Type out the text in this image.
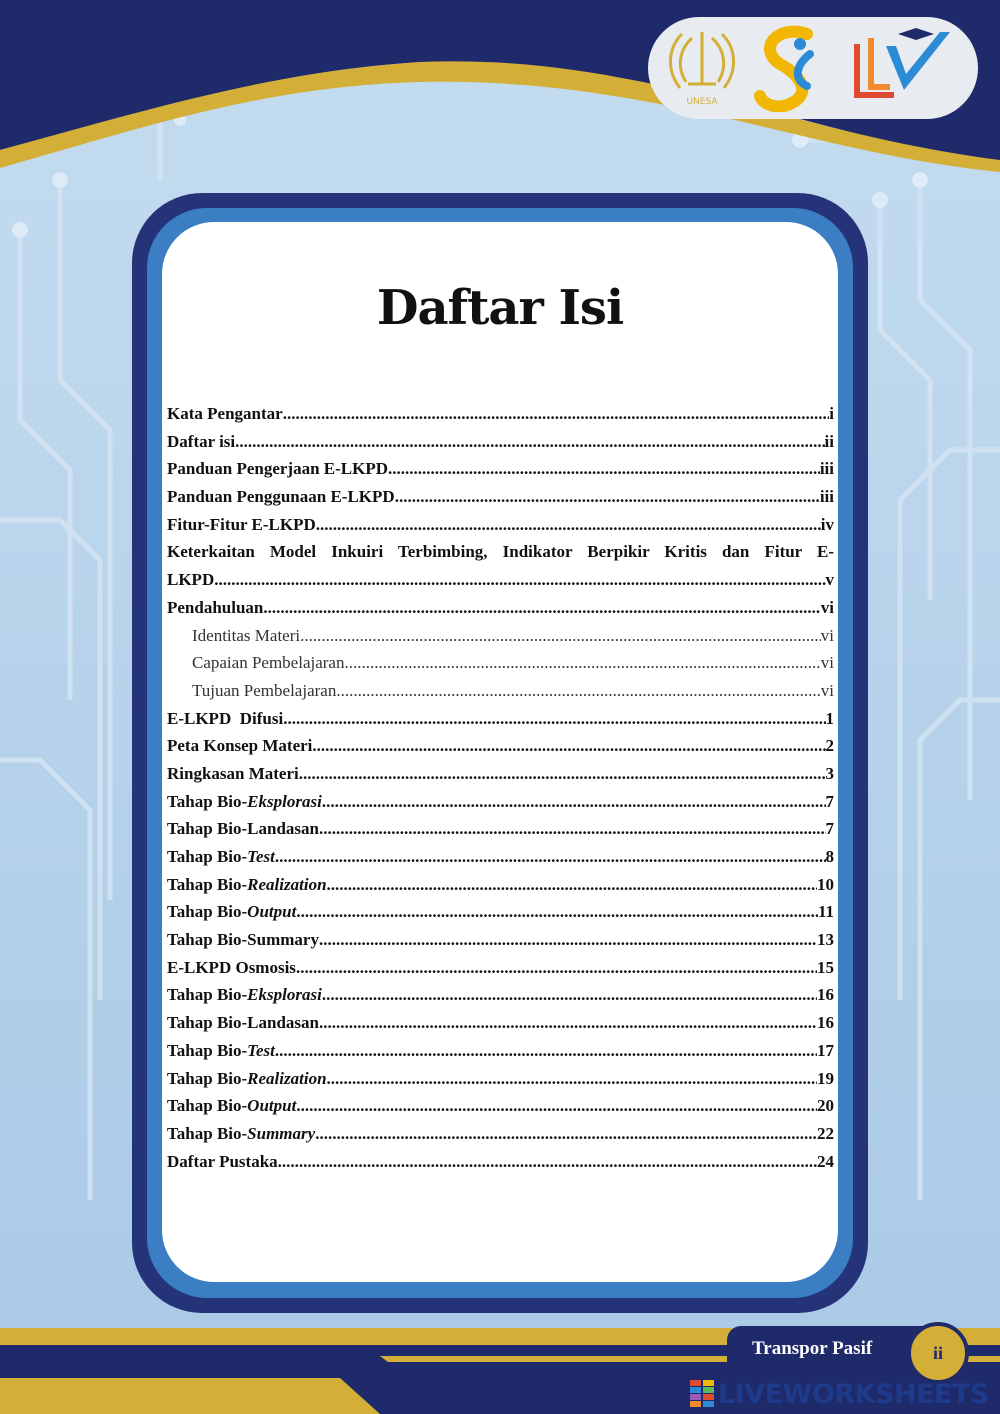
UNESA
Daftar Isi
Kata Pengantar .....	i
Daftar isi .....	ii
Panduan Pengerjaan E-LKPD .....	iii
Panduan Penggunaan E-LKPD .....	iii
Fitur-Fitur E-LKPD .....	iv
Keterkaitan Model Inkuiri Terbimbing, Indikator Berpikir Kritis dan Fitur E-
LKPD .....	v
Pendahuluan .....	vi
Identitas Materi .....	vi
Capaian Pembelajaran .....	vi
Tujuan Pembelajaran .....	vi
E-LKPD  Difusi .....	1
Peta Konsep Materi .....	2
Ringkasan Materi .....	3
Tahap Bio-Eksplorasi .....	7
Tahap Bio-Landasan .....	7
Tahap Bio-Test .....	8
Tahap Bio-Realization .....	10
Tahap Bio-Output .....	11
Tahap Bio-Summary .....	13
E-LKPD Osmosis .....	15
Tahap Bio-Eksplorasi .....	16
Tahap Bio-Landasan .....	16
Tahap Bio-Test .....	17
Tahap Bio-Realization .....	19
Tahap Bio-Output .....	20
Tahap Bio-Summary .....	22
Daftar Pustaka .....	24
Transpor Pasif	ii
LIVEWORKSHEETS
